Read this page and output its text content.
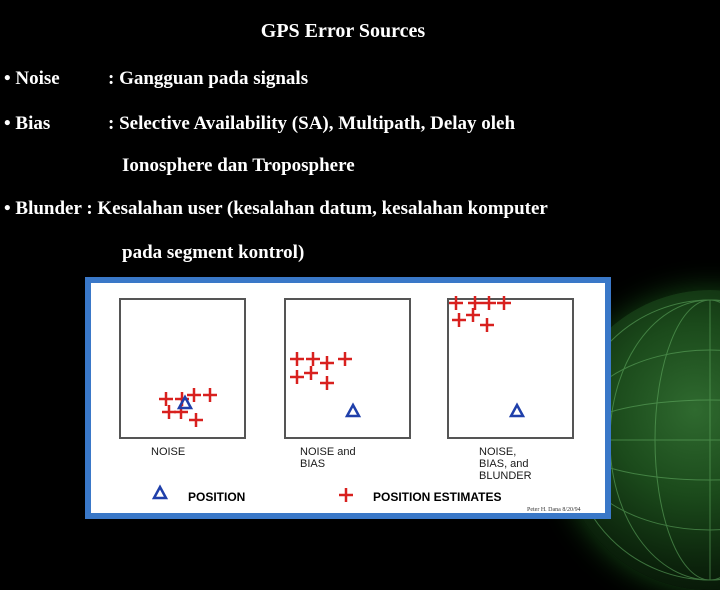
GPS Error Sources
• Noise	: Gangguan pada signals
• Bias	: Selective Availability (SA), Multipath, Delay oleh
Ionosphere dan Troposphere
• Blunder : Kesalahan user (kesalahan datum, kesalahan komputer
pada segment kontrol)
NOISE	NOISE and
BIAS
NOISE,
BIAS, and
BLUNDER
POSITION	POSITION ESTIMATES
Peter H. Dana 8/20/94
